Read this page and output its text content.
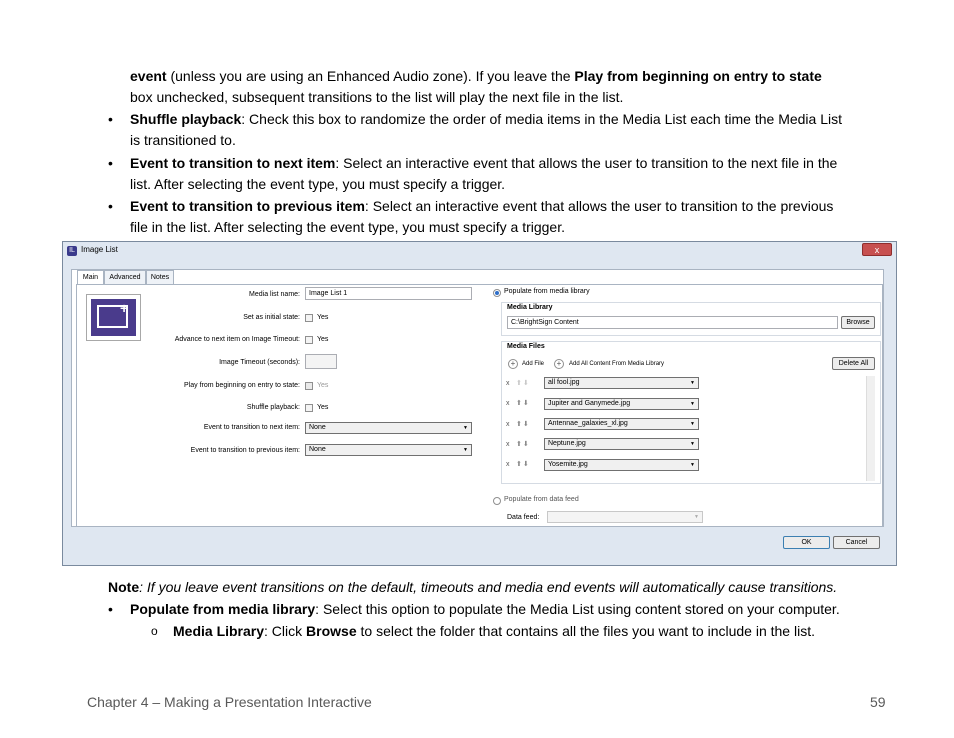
event (unless you are using an Enhanced Audio zone). If you leave the Play from beginning on entry to state
box unchecked, subsequent transitions to the list will play the next file in the list.
• Shuffle playback: Check this box to randomize the order of media items in the Media List each time the Media List
is transitioned to.
• Event to transition to next item: Select an interactive event that allows the user to transition to the next file in the
list. After selecting the event type, you must specify a trigger.
• Event to transition to previous item: Select an interactive event that allows the user to transition to the previous
file in the list. After selecting the event type, you must specify a trigger.
IL Image List	x
Main	Advanced	Notes
+
Media list name:	Image List 1
Set as initial state: Yes
Advance to next item on Image Timeout: Yes
Image Timeout (seconds):
Play from beginning on entry to state: Yes
Shuffle playback: Yes
Event to transition to next item:	None	▼
Event to transition to previous item:	None	▼
Populate from media library
Media Library
C:\BrightSign Content	Browse
Media Files
+	Add File	+	Add All Content From Media Library	Delete All
x ⬆⬇	all fool.jpg	▼
x ⬆⬇	Jupiter and Ganymede.jpg	▼
x ⬆⬇	Antennae_galaxies_xl.jpg	▼
x ⬆⬇	Neptune.jpg	▼
x ⬆⬇	Yosemite.jpg	▼
Populate from data feed
Data feed:	▼
OK	Cancel
Note: If you leave event transitions on the default, timeouts and media end events will automatically cause transitions.
• Populate from media library: Select this option to populate the Media List using content stored on your computer.
o Media Library: Click Browse to select the folder that contains all the files you want to include in the list.
Chapter 4 – Making a Presentation Interactive	59
